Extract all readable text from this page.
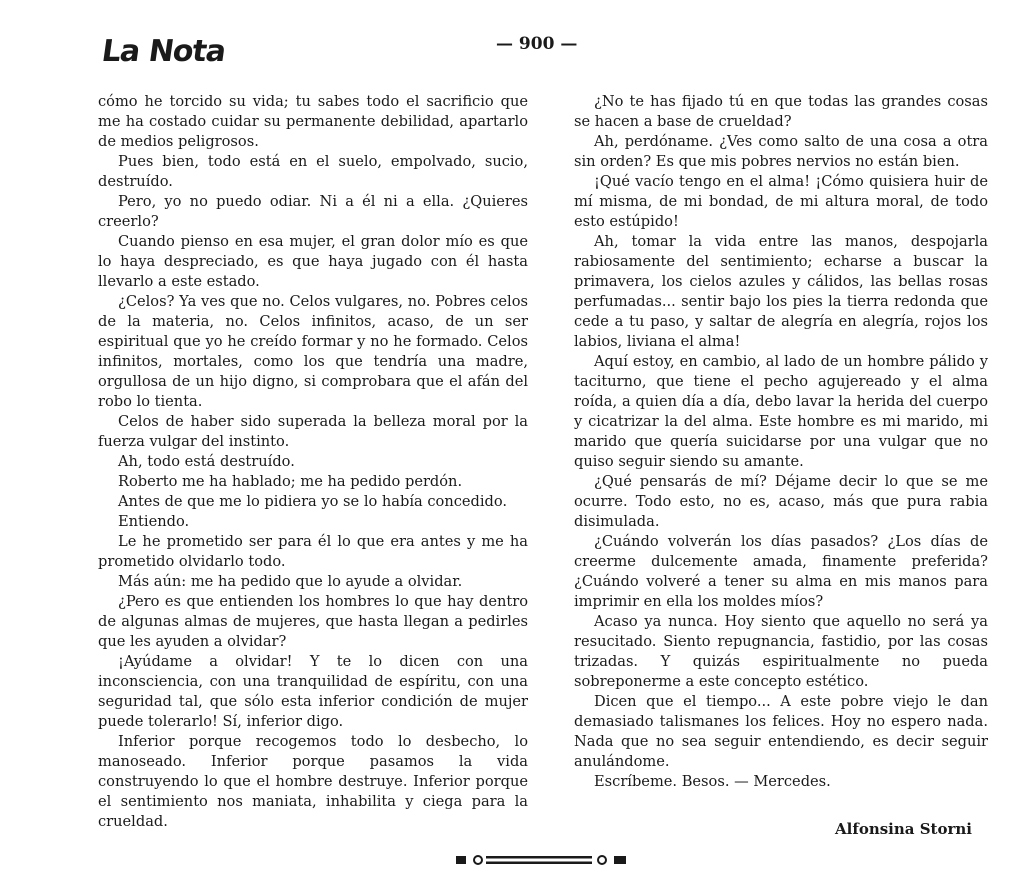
La Nota	— 900 —

cómo he torcido su vida; tu sabes todo el sacrificio que me ha costado cuidar su permanente debilidad, apartarlo de medios peligrosos.

Pues bien, todo está en el suelo, empolvado, sucio, destruído.

Pero, yo no puedo odiar. Ni a él ni a ella. ¿Quieres creerlo?

Cuando pienso en esa mujer, el gran dolor mío es que lo haya despreciado, es que haya jugado con él hasta llevarlo a este estado.

¿Celos? Ya ves que no. Celos vulgares, no. Pobres celos de la materia, no. Celos infinitos, acaso, de un ser espiritual que yo he creído formar y no he formado. Celos infinitos, mortales, como los que tendría una madre, orgullosa de un hijo digno, si comprobara que el afán del robo lo tienta.

Celos de haber sido superada la belleza moral por la fuerza vulgar del instinto.

Ah, todo está destruído.

Roberto me ha hablado; me ha pedido perdón.

Antes de que me lo pidiera yo se lo había concedido.

Entiendo.

Le he prometido ser para él lo que era antes y me ha prometido olvidarlo todo.

Más aún: me ha pedido que lo ayude a olvidar.

¿Pero es que entienden los hombres lo que hay dentro de algunas almas de mujeres, que hasta llegan a pedirles que les ayuden a olvidar?

¡Ayúdame a olvidar! Y te lo dicen con una inconsciencia, con una tranquilidad de espíritu, con una seguridad tal, que sólo esta inferior condición de mujer puede tolerarlo! Sí, inferior digo.

Inferior porque recogemos todo lo desbecho, lo manoseado. Inferior porque pasamos la vida construyendo lo que el hombre destruye. Inferior porque el sentimiento nos maniata, inhabilita y ciega para la crueldad.

¿No te has fijado tú en que todas las grandes cosas se hacen a base de crueldad?

Ah, perdóname. ¿Ves como salto de una cosa a otra sin orden? Es que mis pobres nervios no están bien.

¡Qué vacío tengo en el alma! ¡Cómo quisiera huir de mí misma, de mi bondad, de mi altura moral, de todo esto estúpido!

Ah, tomar la vida entre las manos, despojarla rabiosamente del sentimiento; echarse a buscar la primavera, los cielos azules y cálidos, las bellas rosas perfumadas... sentir bajo los pies la tierra redonda que cede a tu paso, y saltar de alegría en alegría, rojos los labios, liviana el alma!

Aquí estoy, en cambio, al lado de un hombre pálido y taciturno, que tiene el pecho agujereado y el alma roída, a quien día a día, debo lavar la herida del cuerpo y cicatrizar la del alma. Este hombre es mi marido, mi marido que quería suicidarse por una vulgar que no quiso seguir siendo su amante.

¿Qué pensarás de mí? Déjame decir lo que se me ocurre. Todo esto, no es, acaso, más que pura rabia disimulada.

¿Cuándo volverán los días pasados? ¿Los días de creerme dulcemente amada, finamente preferida? ¿Cuándo volveré a tener su alma en mis manos para imprimir en ella los moldes míos?

Acaso ya nunca. Hoy siento que aquello no será ya resucitado. Siento repugnancia, fastidio, por las cosas trizadas. Y quizás espiritualmente no pueda sobreponerme a este concepto estético.

Dicen que el tiempo... A este pobre viejo le dan demasiado talismanes los felices. Hoy no espero nada. Nada que no sea seguir entendiendo, es decir seguir anulándome.

Escríbeme. Besos. — Mercedes.

Alfonsina Storni
